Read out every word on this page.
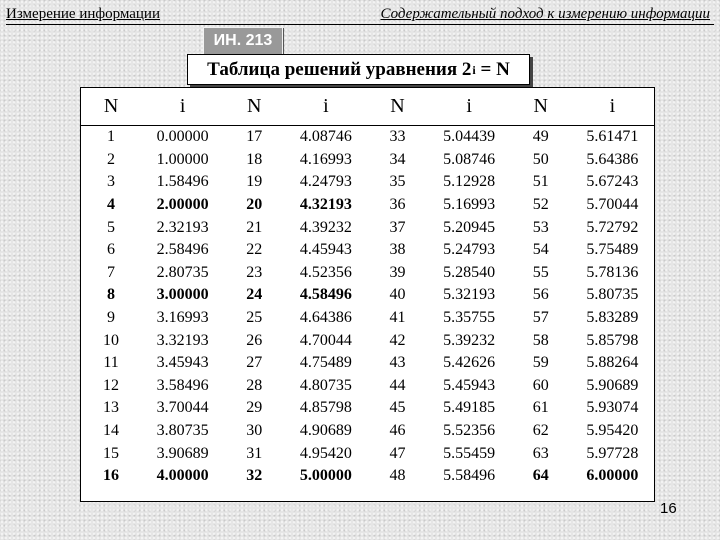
Измерение информации	Содержательный подход к измерению информации
ИН. 213
Таблица решений уравнения 2 i = N
N	i	N	i	N	i	N	i
1	0.00000	17	4.08746	33	5.04439	49	5.61471
2	1.00000	18	4.16993	34	5.08746	50	5.64386
3	1.58496	19	4.24793	35	5.12928	51	5.67243
4	2.00000	20	4.32193	36	5.16993	52	5.70044
5	2.32193	21	4.39232	37	5.20945	53	5.72792
6	2.58496	22	4.45943	38	5.24793	54	5.75489
7	2.80735	23	4.52356	39	5.28540	55	5.78136
8	3.00000	24	4.58496	40	5.32193	56	5.80735
9	3.16993	25	4.64386	41	5.35755	57	5.83289
10	3.32193	26	4.70044	42	5.39232	58	5.85798
11	3.45943	27	4.75489	43	5.42626	59	5.88264
12	3.58496	28	4.80735	44	5.45943	60	5.90689
13	3.70044	29	4.85798	45	5.49185	61	5.93074
14	3.80735	30	4.90689	46	5.52356	62	5.95420
15	3.90689	31	4.95420	47	5.55459	63	5.97728
16	4.00000	32	5.00000	48	5.58496	64	6.00000
16
